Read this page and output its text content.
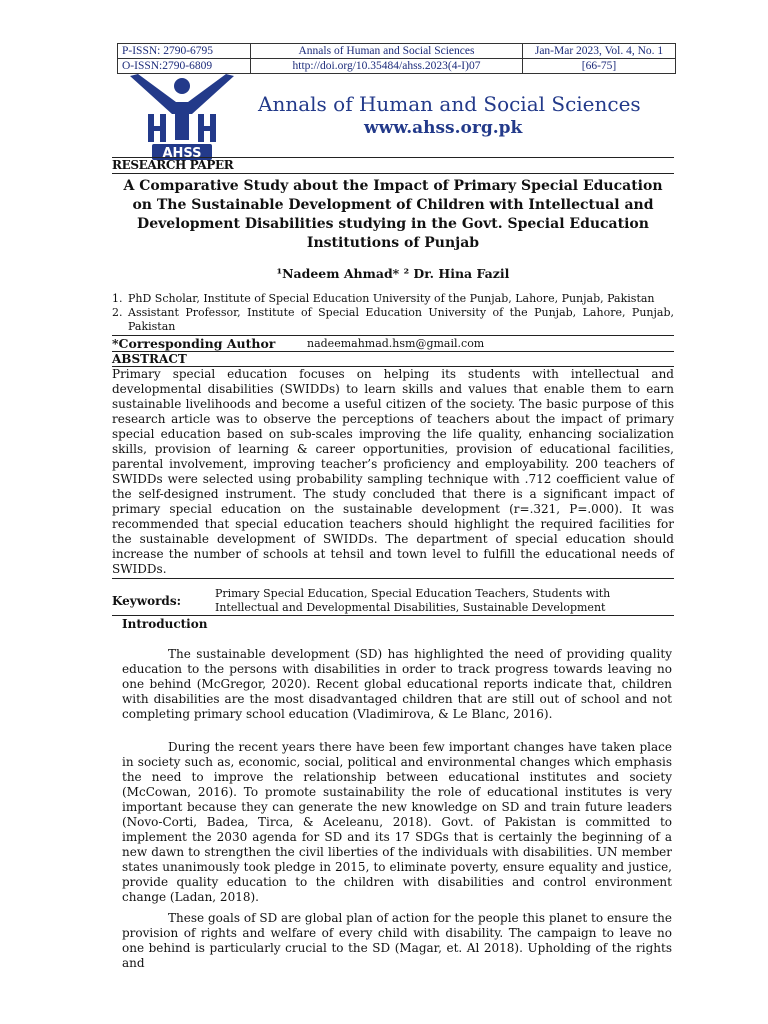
P-ISSN: 2790-6795	Annals of Human and Social Sciences	Jan-Mar 2023, Vol. 4, No. 1
O-ISSN:2790-6809	http://doi.org/10.35484/ahss.2023(4-I)07	[66-75]
AHSS
Annals of Human and Social Sciences
www.ahss.org.pk
RESEARCH PAPER
A Comparative Study about the Impact of Primary Special Education on The Sustainable Development of Children with Intellectual and Development Disabilities studying in the Govt. Special Education Institutions of Punjab
¹Nadeem Ahmad* ² Dr. Hina Fazil
1. PhD Scholar, Institute of Special Education University of the Punjab, Lahore, Punjab, Pakistan
2. Assistant Professor, Institute of Special Education University of the Punjab, Lahore, Punjab, Pakistan
*Corresponding Author	nadeemahmad.hsm@gmail.com
ABSTRACT
Primary special education focuses on helping its students with intellectual and developmental disabilities (SWIDDs) to learn skills and values that enable them to earn sustainable livelihoods and become a useful citizen of the society. The basic purpose of this research article was to observe the perceptions of teachers about the impact of primary special education based on sub-scales improving the life quality, enhancing socialization skills, provision of learning & career opportunities, provision of educational facilities, parental involvement, improving teacher’s proficiency and employability. 200 teachers of SWIDDs were selected using probability sampling technique with .712 coefficient value of the self-designed instrument. The study concluded that there is a significant impact of primary special education on the sustainable development (r=.321, P=.000). It was recommended that special education teachers should highlight the required facilities for the sustainable development of SWIDDs. The department of special education should increase the number of schools at tehsil and town level to fulfill the educational needs of SWIDDs.
Keywords:
Primary Special Education, Special Education Teachers, Students with Intellectual and Developmental Disabilities, Sustainable Development
Introduction
The sustainable development (SD) has highlighted the need of providing quality education to the persons with disabilities in order to track progress towards leaving no one behind (McGregor, 2020). Recent global educational reports indicate that, children with disabilities are the most disadvantaged children that are still out of school and not completing primary school education (Vladimirova, & Le Blanc, 2016).
During the recent years there have been few important changes have taken place in society such as, economic, social, political and environmental changes which emphasis the need to improve the relationship between educational institutes and society (McCowan, 2016). To promote sustainability the role of educational institutes is very important because they can generate the new knowledge on SD and train future leaders (Novo-Corti, Badea, Tirca, & Aceleanu, 2018). Govt. of Pakistan is committed to implement the 2030 agenda for SD and its 17 SDGs that is certainly the beginning of a new dawn to strengthen the civil liberties of the individuals with disabilities. UN member states unanimously took pledge in 2015, to eliminate poverty, ensure equality and justice, provide quality education to the children with disabilities and control environment change (Ladan, 2018).
These goals of SD are global plan of action for the people this planet to ensure the provision of rights and welfare of every child with disability. The campaign to leave no one behind is particularly crucial to the SD (Magar, et. Al 2018). Upholding of the rights and
